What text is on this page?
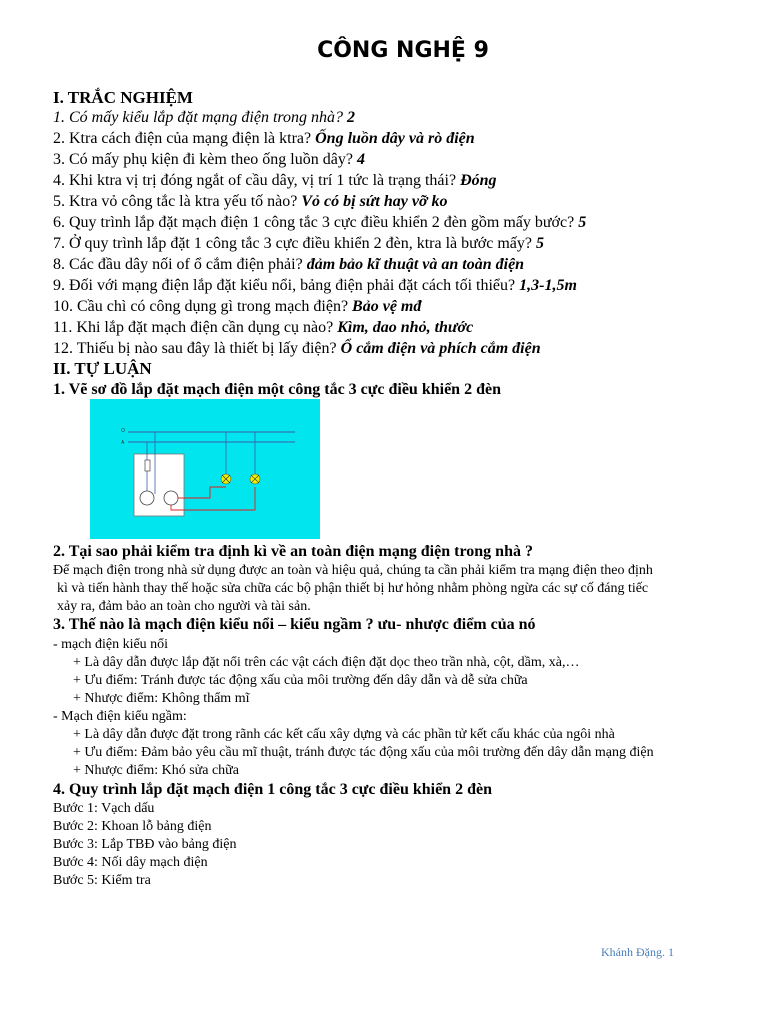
CÔNG NGHỆ 9
I. TRẮC NGHIỆM
1. Có mấy kiểu lắp đặt mạng điện trong nhà? 2
2. Ktra cách điện của mạng điện là ktra? Ống luồn dây và rò điện
3. Có mấy phụ kiện đi kèm theo ống luồn dây? 4
4. Khi ktra vị trị đóng ngắt of cầu dây, vị trí 1 tức là trạng thái? Đóng
5. Ktra vỏ công tắc là ktra yếu tố nào? Vỏ có bị sứt hay vỡ ko
6. Quy trình lắp đặt mạch điện 1 công tắc 3 cực điều khiển 2 đèn gồm mấy bước? 5
7. Ở quy trình lắp đặt 1 công tắc 3 cực điều khiển 2 đèn, ktra là bước mấy? 5
8. Các đầu dây nối of ổ cắm điện phải? đảm bảo kĩ thuật và an toàn điện
9. Đối với mạng điện lắp đặt kiểu nổi, bảng điện phải đặt cách tối thiểu? 1,3-1,5m
10. Cầu chì có công dụng gì trong mạch điện? Bảo vệ mđ
11. Khi lắp đặt mạch điện cần dụng cụ nào? Kìm, dao nhỏ, thước
12. Thiếu bị nào sau đây là thiết bị lấy điện? Ổ cắm điện và phích cắm điện
II. TỰ LUẬN
1. Vẽ sơ đồ lắp đặt mạch điện một công tắc 3 cực điều khiển 2 đèn
O
A
2. Tại sao phải kiểm tra định kì về an toàn điện mạng điện trong nhà ?
Để mạch điện trong nhà sử dụng được an toàn và hiệu quả, chúng ta cần phải kiểm tra mạng điện theo định
kì và tiến hành thay thế hoặc sửa chữa các bộ phận thiết bị hư hỏng nhằm phòng ngừa các sự cố đáng tiếc
xảy ra, đảm bảo an toàn cho người và tài sản.
3. Thế nào là mạch điện kiểu nổi – kiểu ngầm ? ưu- nhược điểm của nó
- mạch điện kiểu nổi
+ Là dây dẫn được lắp đặt nổi trên các vật cách điện đặt dọc theo trần nhà, cột, dầm, xà,…
+ Ưu điểm: Tránh được tác động xấu của môi trường đến dây dẫn và dễ sửa chữa
+ Nhược điểm: Không thẩm mĩ
- Mạch điện kiểu ngầm:
+ Là dây dẫn được đặt trong rãnh các kết cấu xây dựng và các phần tử kết cấu khác của ngôi nhà
+ Ưu điểm: Đảm bảo yêu cầu mĩ thuật, tránh được tác động xấu của môi trường đến dây dẫn mạng điện
+ Nhược điểm: Khó sửa chữa
4. Quy trình lắp đặt mạch điện 1 công tắc 3 cực điều khiển 2 đèn
Bước 1: Vạch dấu
Bước 2: Khoan lỗ bảng điện
Bước 3: Lắp TBĐ vào bảng điện
Bước 4: Nối dây mạch điện
Bước 5: Kiểm tra
Khánh Đặng. 1
